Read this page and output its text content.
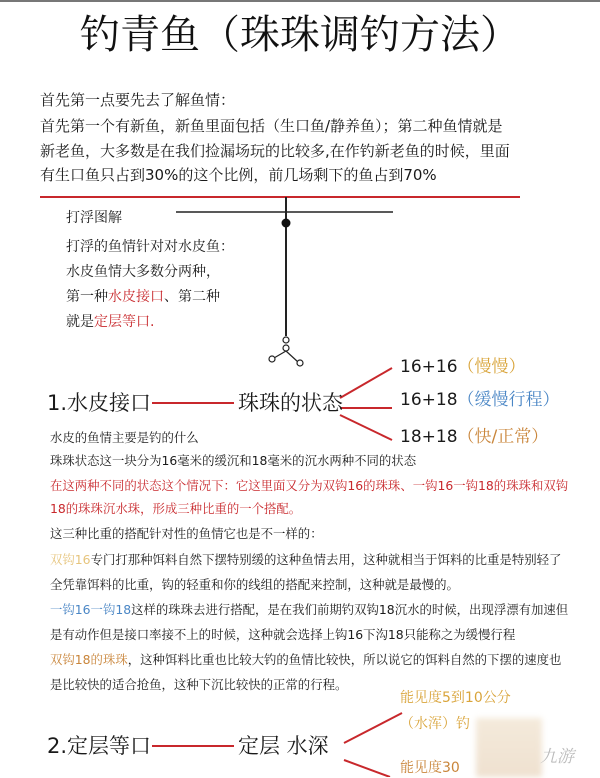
钓青鱼（珠珠调钓方法）
首先第一点要先去了解鱼情：
首先第一个有新鱼，新鱼里面包括（生口鱼/静养鱼）；第二种鱼情就是
新老鱼，大多数是在我们捡漏场玩的比较多,在作钓新老鱼的时候，里面
有生口鱼只占到30%的这个比例，前几场剩下的鱼占到70%
打浮图解
打浮的鱼情针对对水皮鱼：
水皮鱼情大多数分两种，
第一种水皮接口、第二种
就是定层等口.
1.水皮接口	珠珠的状态
16+16（慢慢）
16+18（缓慢行程）
18+18（快/正常）
水皮的鱼情主要是钓的什么
珠珠状态这一块分为16毫米的缓沉和18毫米的沉水两种不同的状态
在这两种不同的状态这个情况下：它这里面又分为双钩16的珠珠、一钩16一钩18的珠珠和双钩
18的珠珠沉水珠，形成三种比重的一个搭配。
这三种比重的搭配针对性的鱼情它也是不一样的：
双钩16专门打那种饵料自然下摆特别缓的这种鱼情去用，这种就相当于饵料的比重是特别轻了
全凭靠饵料的比重，钩的轻重和你的线组的搭配来控制，这种就是最慢的。
一钩16一钩18这样的珠珠去进行搭配，是在我们前期钓双钩18沉水的时候，出现浮漂有加速但
是有动作但是接口率接不上的时候，这种就会选择上钩16下沟18只能称之为缓慢行程
双钩18的珠珠，这种饵料比重也比较大钓的鱼情比较快，所以说它的饵料自然的下摆的速度也
是比较快的适合抢鱼，这种下沉比较快的正常的行程。
九游
能见度5到10公分
（水浑）钓
能见度30
2.定层等口	定层 水深
